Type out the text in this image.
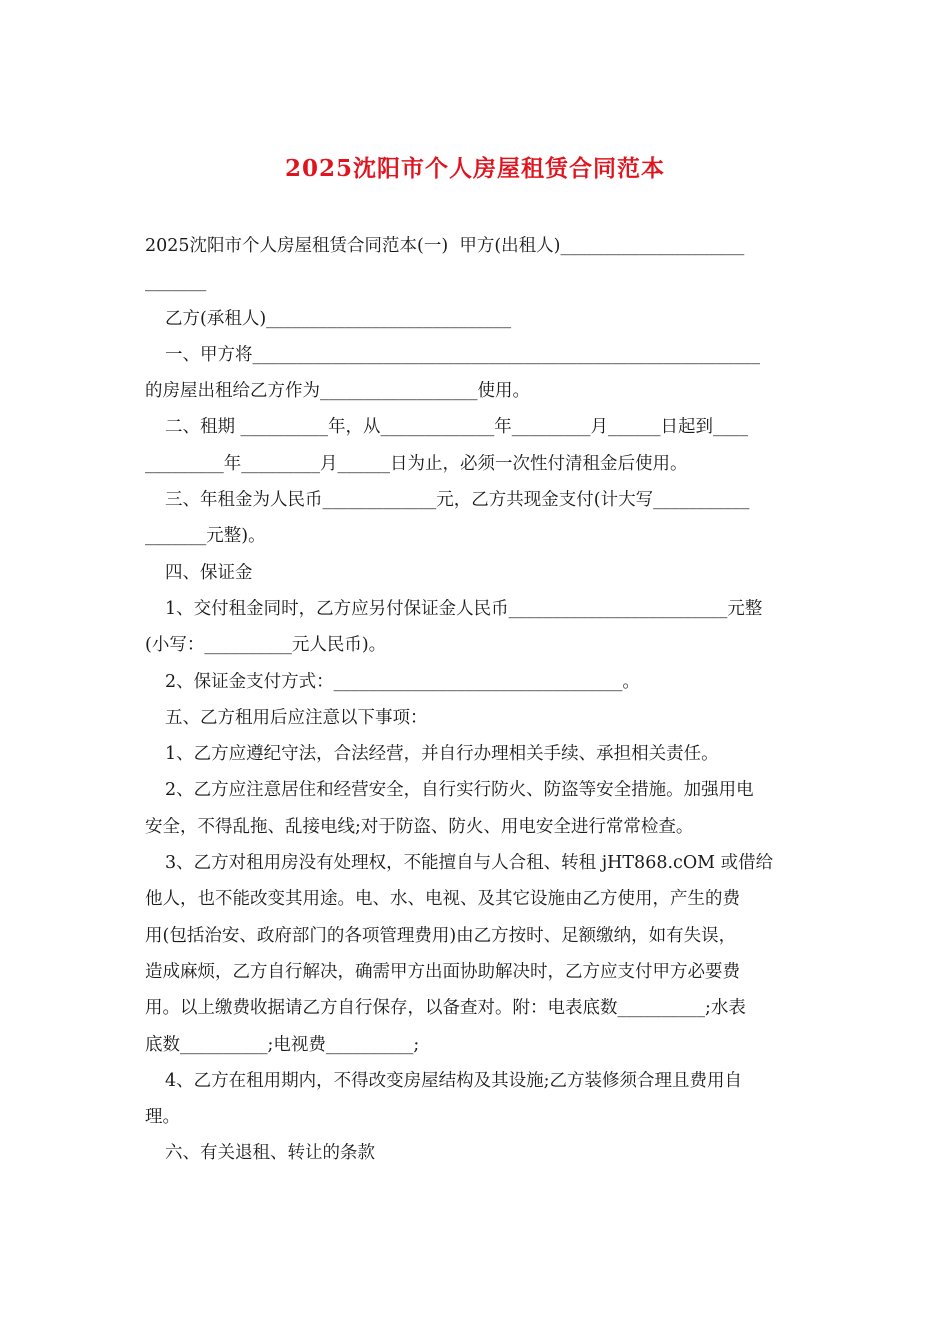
2025沈阳市个人房屋租赁合同范本

2025沈阳市个人房屋租赁合同范本(一)  甲方(出租人)_____________________
_______

乙方(承租人)____________________________

一、甲方将__________________________________________________________
的房屋出租给乙方作为__________________使用。

二、租期 __________年，从_____________年_________月______日起到____
_________年_________月______日为止，必须一次性付清租金后使用。

三、年租金为人民币_____________元，乙方共现金支付(计大写___________
_______元整)。

四、保证金

1、交付租金同时，乙方应另付保证金人民币_________________________元整
(小写：__________元人民币)。

2、保证金支付方式：_________________________________。

五、乙方租用后应注意以下事项：

1、乙方应遵纪守法，合法经营，并自行办理相关手续、承担相关责任。

2、乙方应注意居住和经营安全，自行实行防火、防盗等安全措施。加强用电
安全，不得乱拖、乱接电线;对于防盗、防火、用电安全进行常常检查。

3、乙方对租用房没有处理权，不能擅自与人合租、转租 jHT868.cOM 或借给
他人，也不能改变其用途。电、水、电视、及其它设施由乙方使用，产生的费
用(包括治安、政府部门的各项管理费用)由乙方按时、足额缴纳，如有失误，
造成麻烦，乙方自行解决，确需甲方出面协助解决时，乙方应支付甲方必要费
用。以上缴费收据请乙方自行保存，以备查对。附：电表底数__________;水表
底数__________;电视费__________;

4、乙方在租用期内，不得改变房屋结构及其设施;乙方装修须合理且费用自
理。

六、有关退租、转让的条款
